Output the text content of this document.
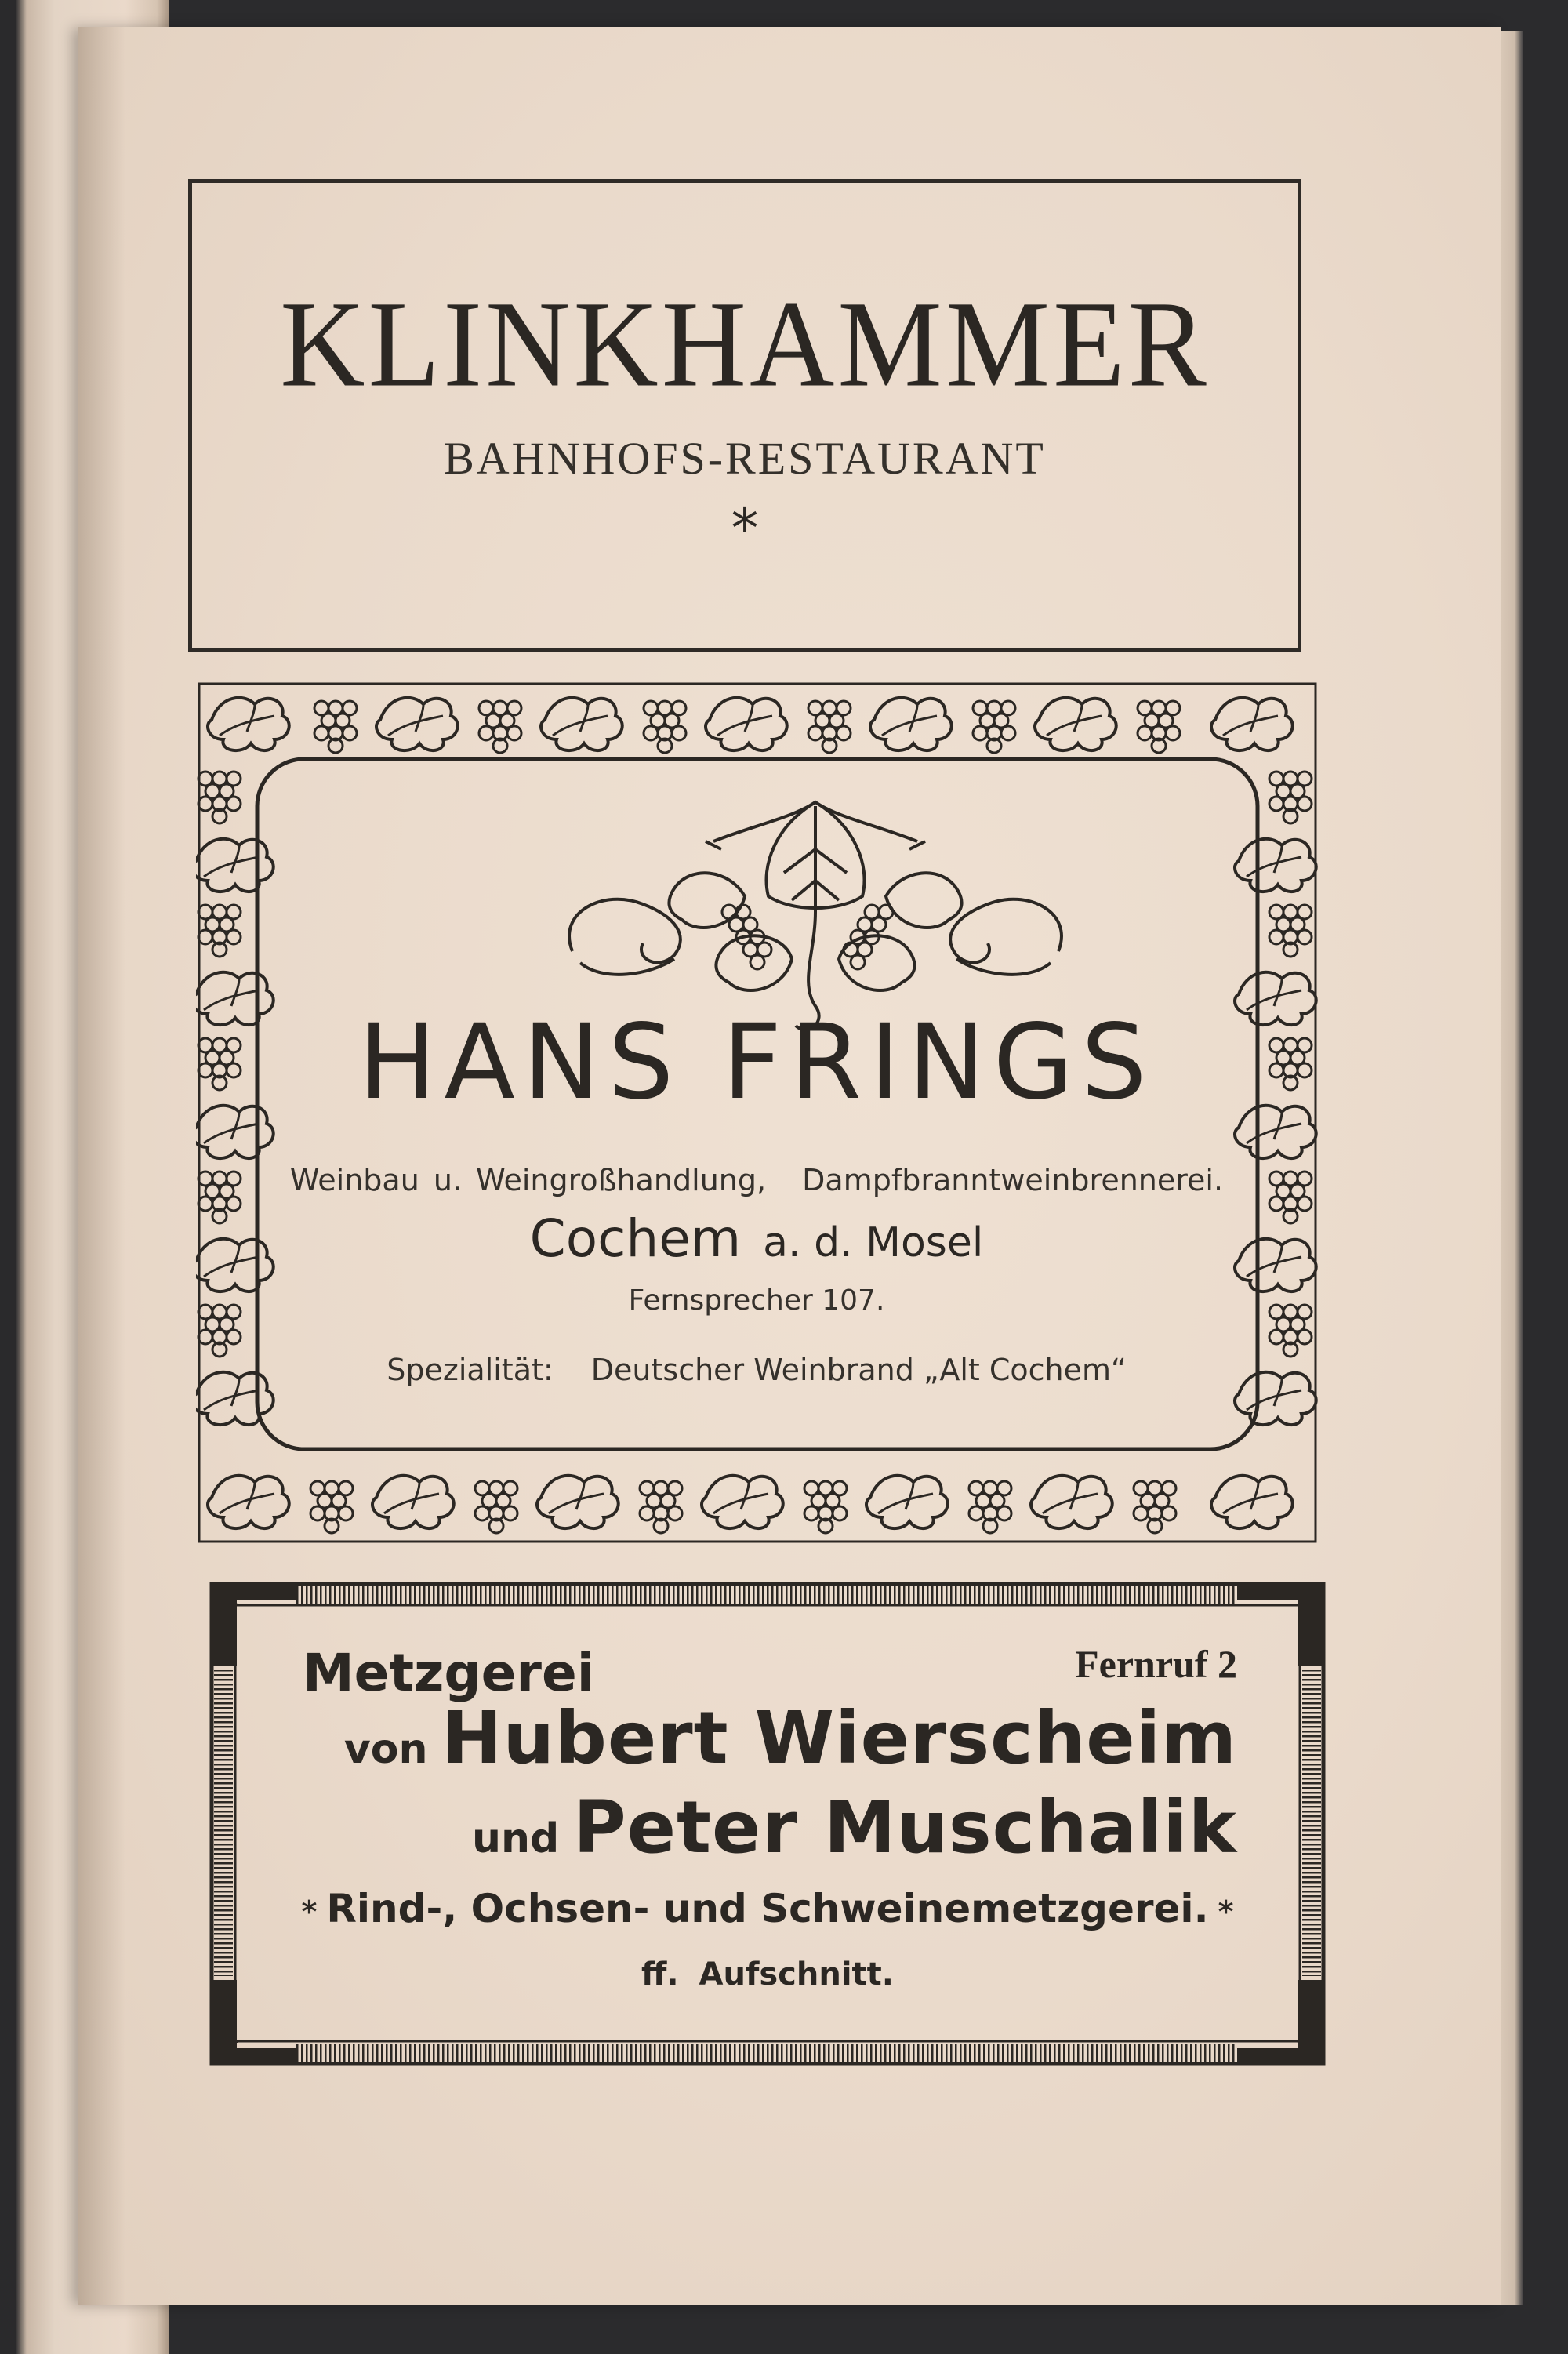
KLINKHAMMER
BAHNHOFS-RESTAURANT
*
HANS FRINGS
Weinbau u. Weingroßhandlung, Dampfbranntweinbrennerei.
Cochem a. d. Mosel
Fernsprecher 107.
Spezialität: Deutscher Weinbrand „Alt Cochem“
Metzgerei	Fernruf 2
von Hubert Wierscheim
und Peter Muschalik
* Rind-, Ochsen- und Schweinemetzgerei. *
ff. Aufschnitt.
